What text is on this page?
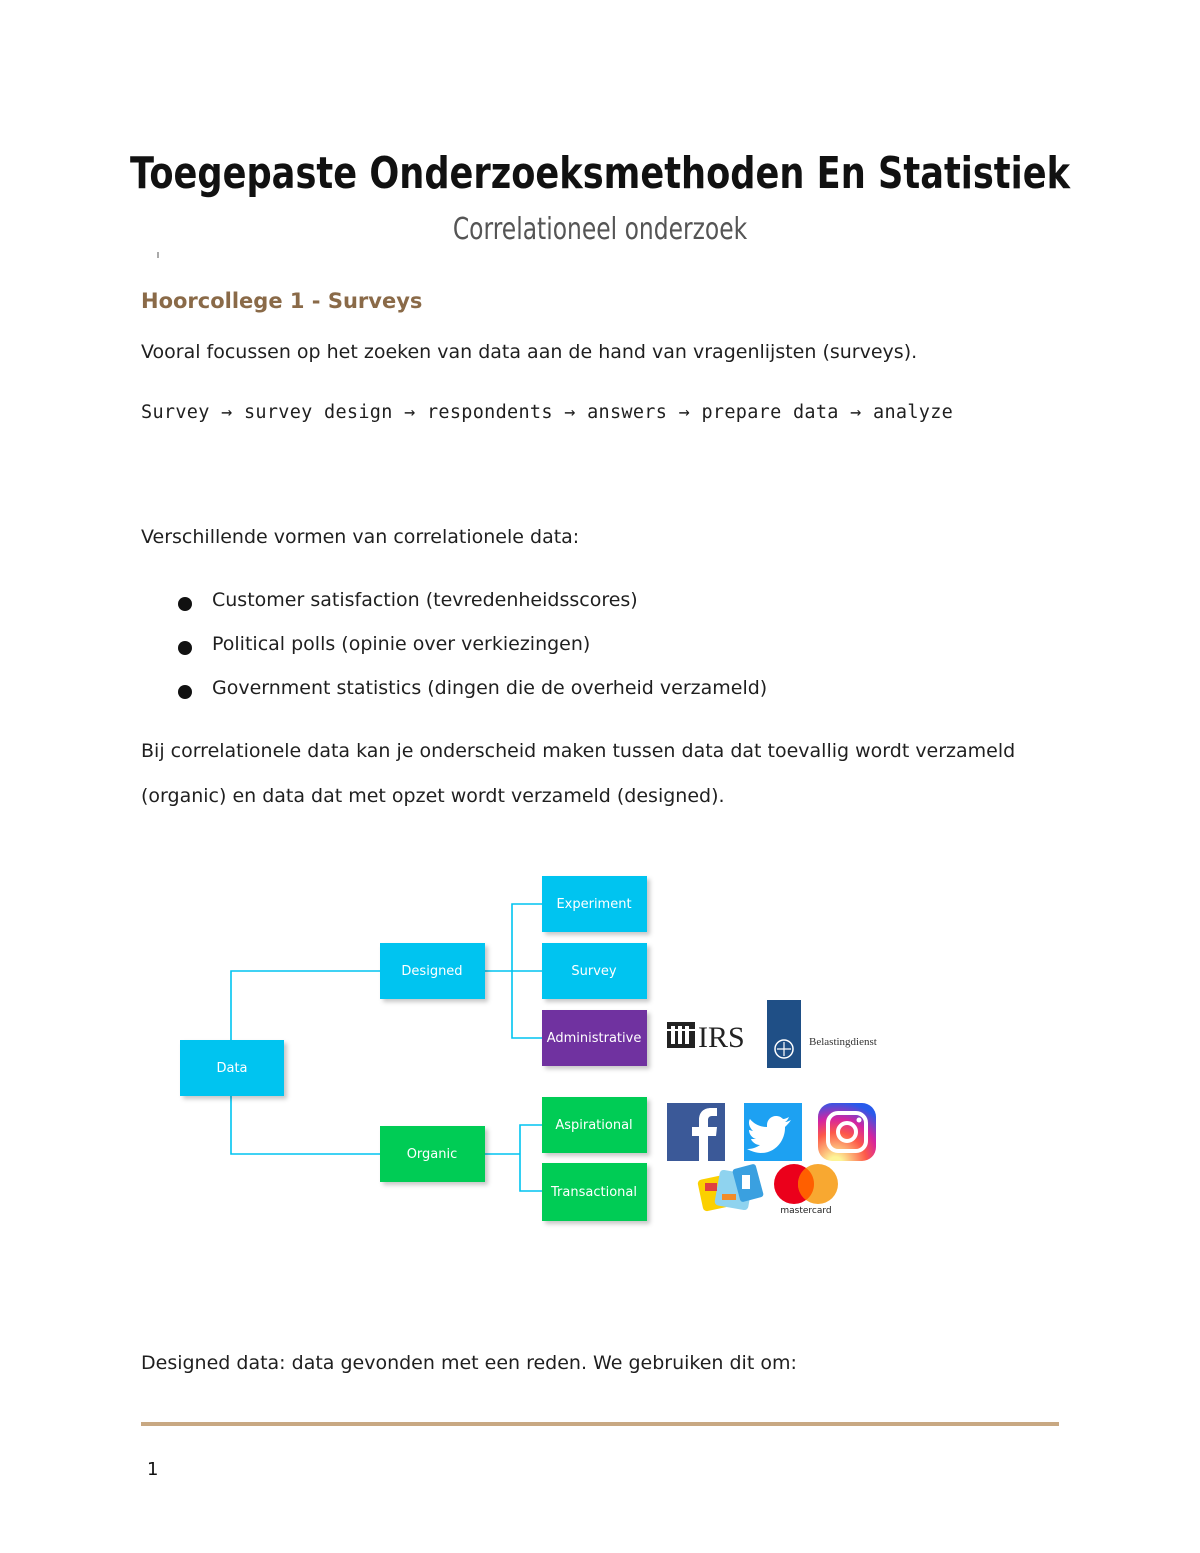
Toegepaste Onderzoeksmethoden En Statistiek
Correlationeel onderzoek
Hoorcollege 1 - Surveys
Vooral focussen op het zoeken van data aan de hand van vragenlijsten (surveys).
Survey → survey design → respondents → answers → prepare data → analyze
Verschillende vormen van correlationele data:
Customer satisfaction (tevredenheidsscores)
Political polls (opinie over verkiezingen)
Government statistics (dingen die de overheid verzameld)
Bij correlationele data kan je onderscheid maken tussen data dat toevallig wordt verzameld
(organic) en data dat met opzet wordt verzameld (designed).
Data
Designed
Organic
Experiment
Survey
Administrative
Aspirational
Transactional
IRS	Belastingdienst
mastercard
Designed data: data gevonden met een reden. We gebruiken dit om:
1
